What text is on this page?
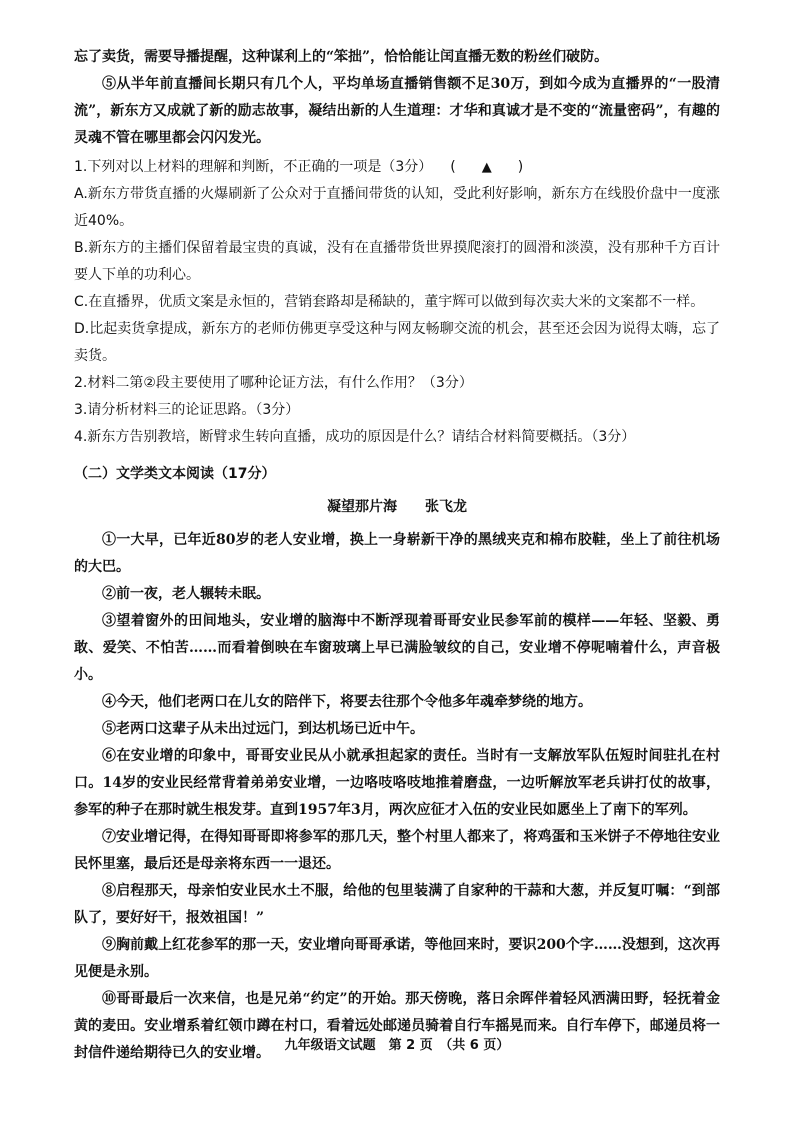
忘了卖货，需要导播提醒，这种谋利上的“笨拙”，恰恰能让闰直播无数的粉丝们破防。

⑤从半年前直播间长期只有几个人，平均单场直播销售额不足30万，到如今成为直播界的“一股清流”，新东方又成就了新的励志故事，凝结出新的人生道理：才华和真诚才是不变的“流量密码”，有趣的灵魂不管在哪里都会闪闪发光。

1.下列对以上材料的理解和判断，不正确的一项是（3分） ( ▲ )

A.新东方带货直播的火爆刷新了公众对于直播间带货的认知，受此利好影响，新东方在线股价盘中一度涨近40%。

B.新东方的主播们保留着最宝贵的真诚，没有在直播带货世界摸爬滚打的圆滑和淡漠，没有那种千方百计要人下单的功利心。

C.在直播界，优质文案是永恒的，营销套路却是稀缺的，董宇辉可以做到每次卖大米的文案都不一样。

D.比起卖货拿提成，新东方的老师仿佛更享受这种与网友畅聊交流的机会，甚至还会因为说得太嗨，忘了卖货。

2.材料二第②段主要使用了哪种论证方法，有什么作用？（3分）

3.请分析材料三的论证思路。（3分）

4.新东方告别教培，断臂求生转向直播，成功的原因是什么？请结合材料简要概括。（3分）

（二）文学类文本阅读（17分）

凝望那片海 张飞龙

①一大早，已年近80岁的老人安业增，换上一身崭新干净的黑绒夹克和棉布胶鞋，坐上了前往机场的大巴。

②前一夜，老人辗转未眠。

③望着窗外的田间地头，安业增的脑海中不断浮现着哥哥安业民参军前的模样——年轻、坚毅、勇敢、爱笑、不怕苦……而看着倒映在车窗玻璃上早已满脸皱纹的自己，安业增不停呢喃着什么，声音极小。

④今天，他们老两口在儿女的陪伴下，将要去往那个令他多年魂牵梦绕的地方。

⑤老两口这辈子从未出过远门，到达机场已近中午。

⑥在安业增的印象中，哥哥安业民从小就承担起家的责任。当时有一支解放军队伍短时间驻扎在村口。14岁的安业民经常背着弟弟安业增，一边咯吱咯吱地推着磨盘，一边听解放军老兵讲打仗的故事，参军的种子在那时就生根发芽。直到1957年3月，两次应征才入伍的安业民如愿坐上了南下的军列。

⑦安业增记得，在得知哥哥即将参军的那几天，整个村里人都来了，将鸡蛋和玉米饼子不停地往安业民怀里塞，最后还是母亲将东西一一退还。

⑧启程那天，母亲怕安业民水土不服，给他的包里装满了自家种的干蒜和大葱，并反复叮嘱：“到部队了，要好好干，报效祖国！”

⑨胸前戴上红花参军的那一天，安业增向哥哥承诺，等他回来时，要识200个字……没想到，这次再见便是永别。

⑩哥哥最后一次来信，也是兄弟“约定”的开始。那天傍晚，落日余晖伴着轻风洒满田野，轻抚着金黄的麦田。安业增系着红领巾蹲在村口，看着远处邮递员骑着自行车摇晃而来。自行车停下，邮递员将一封信件递给期待已久的安业增。	九年级语文试题　第 2 页　（共 6 页）
